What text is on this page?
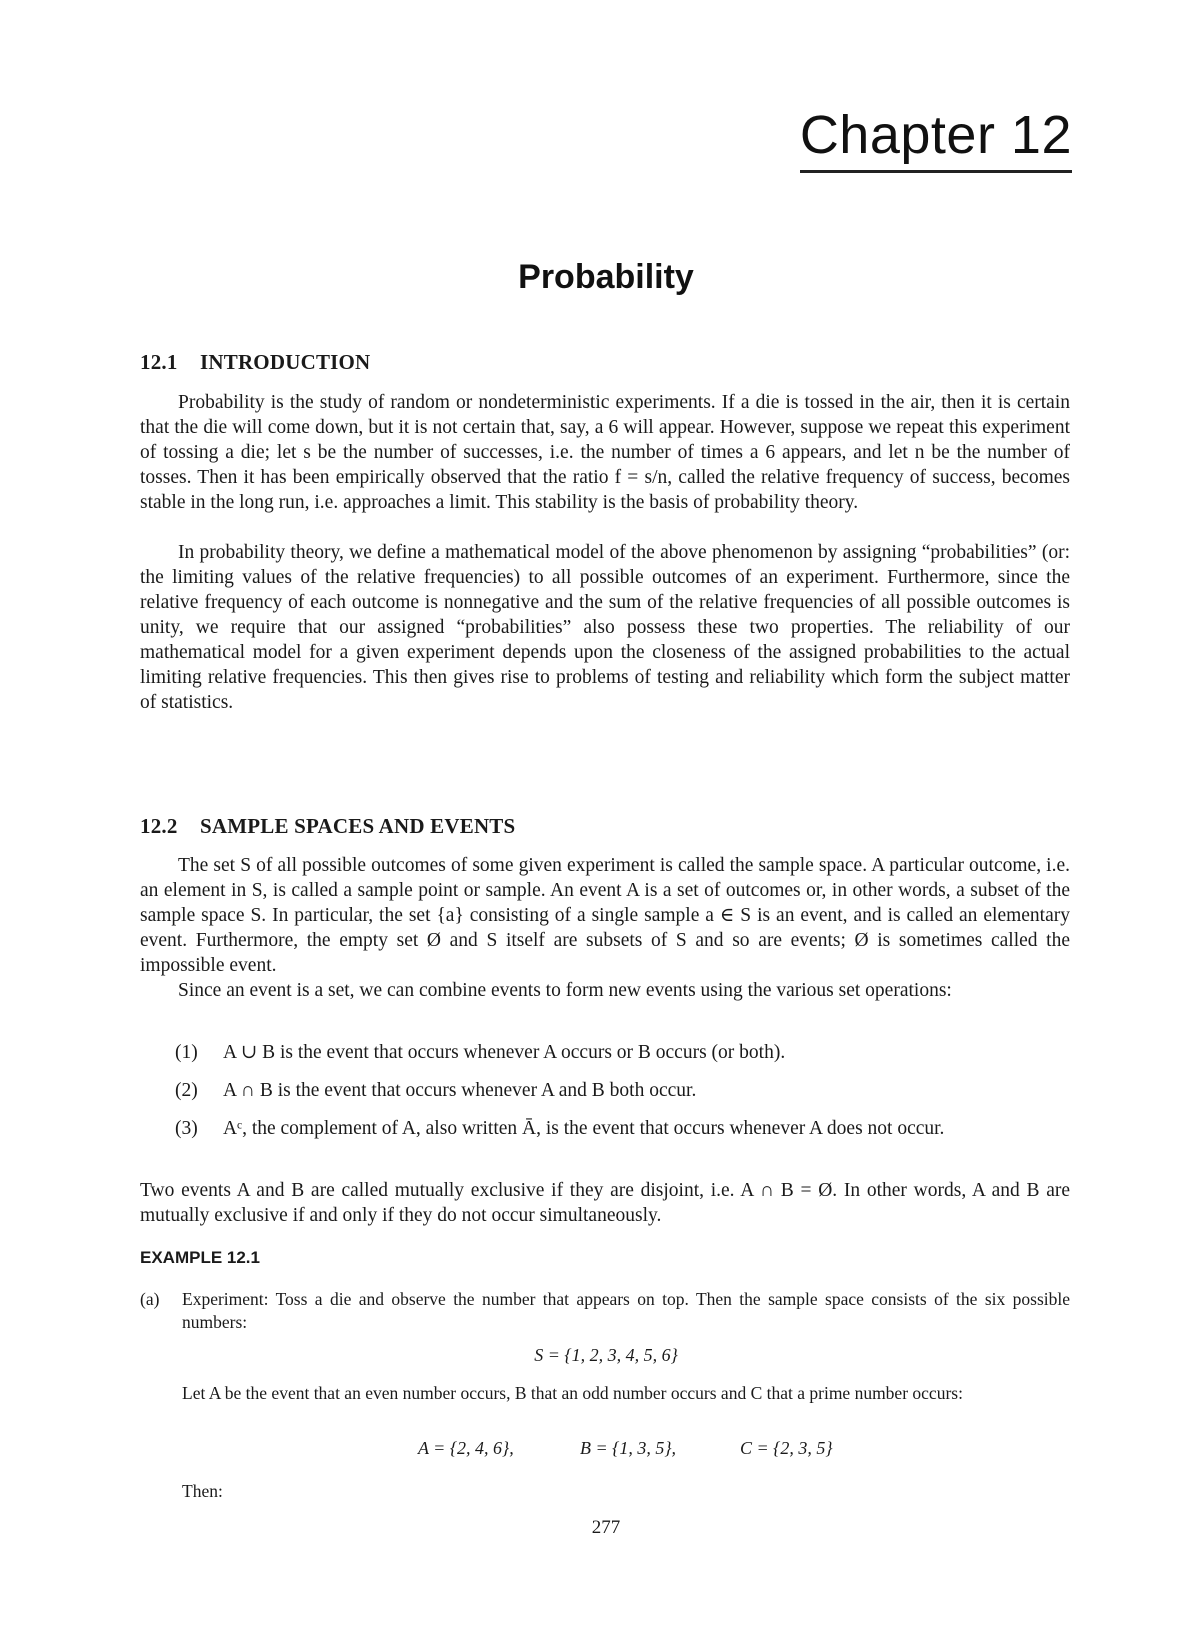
Chapter 12
Probability
12.1 INTRODUCTION

Probability is the study of random or nondeterministic experiments. If a die is tossed in the air, then it is certain that the die will come down, but it is not certain that, say, a 6 will appear. However, suppose we repeat this experiment of tossing a die; let s be the number of successes, i.e. the number of times a 6 appears, and let n be the number of tosses. Then it has been empirically observed that the ratio f = s/n, called the relative frequency of success, becomes stable in the long run, i.e. approaches a limit. This stability is the basis of probability theory.

In probability theory, we define a mathematical model of the above phenomenon by assigning “probabilities” (or: the limiting values of the relative frequencies) to all possible outcomes of an experiment. Furthermore, since the relative frequency of each outcome is nonnegative and the sum of the relative frequencies of all possible outcomes is unity, we require that our assigned “probabilities” also possess these two properties. The reliability of our mathematical model for a given experiment depends upon the closeness of the assigned probabilities to the actual limiting relative frequencies. This then gives rise to problems of testing and reliability which form the subject matter of statistics.

12.2 SAMPLE SPACES AND EVENTS

The set S of all possible outcomes of some given experiment is called the sample space. A particular outcome, i.e. an element in S, is called a sample point or sample. An event A is a set of outcomes or, in other words, a subset of the sample space S. In particular, the set {a} consisting of a single sample a ∈ S is an event, and is called an elementary event. Furthermore, the empty set Ø and S itself are subsets of S and so are events; Ø is sometimes called the impossible event.

Since an event is a set, we can combine events to form new events using the various set operations:

(1) A ∪ B is the event that occurs whenever A occurs or B occurs (or both).
(2) A ∩ B is the event that occurs whenever A and B both occur.
(3) Aᶜ, the complement of A, also written Ā, is the event that occurs whenever A does not occur.

Two events A and B are called mutually exclusive if they are disjoint, i.e. A ∩ B = Ø. In other words, A and B are mutually exclusive if and only if they do not occur simultaneously.

EXAMPLE 12.1
(a) Experiment: Toss a die and observe the number that appears on top. Then the sample space consists of the six possible numbers:
S = {1, 2, 3, 4, 5, 6}
Let A be the event that an even number occurs, B that an odd number occurs and C that a prime number occurs:
A = {2, 4, 6},	B = {1, 3, 5},	C = {2, 3, 5}
Then:
277
